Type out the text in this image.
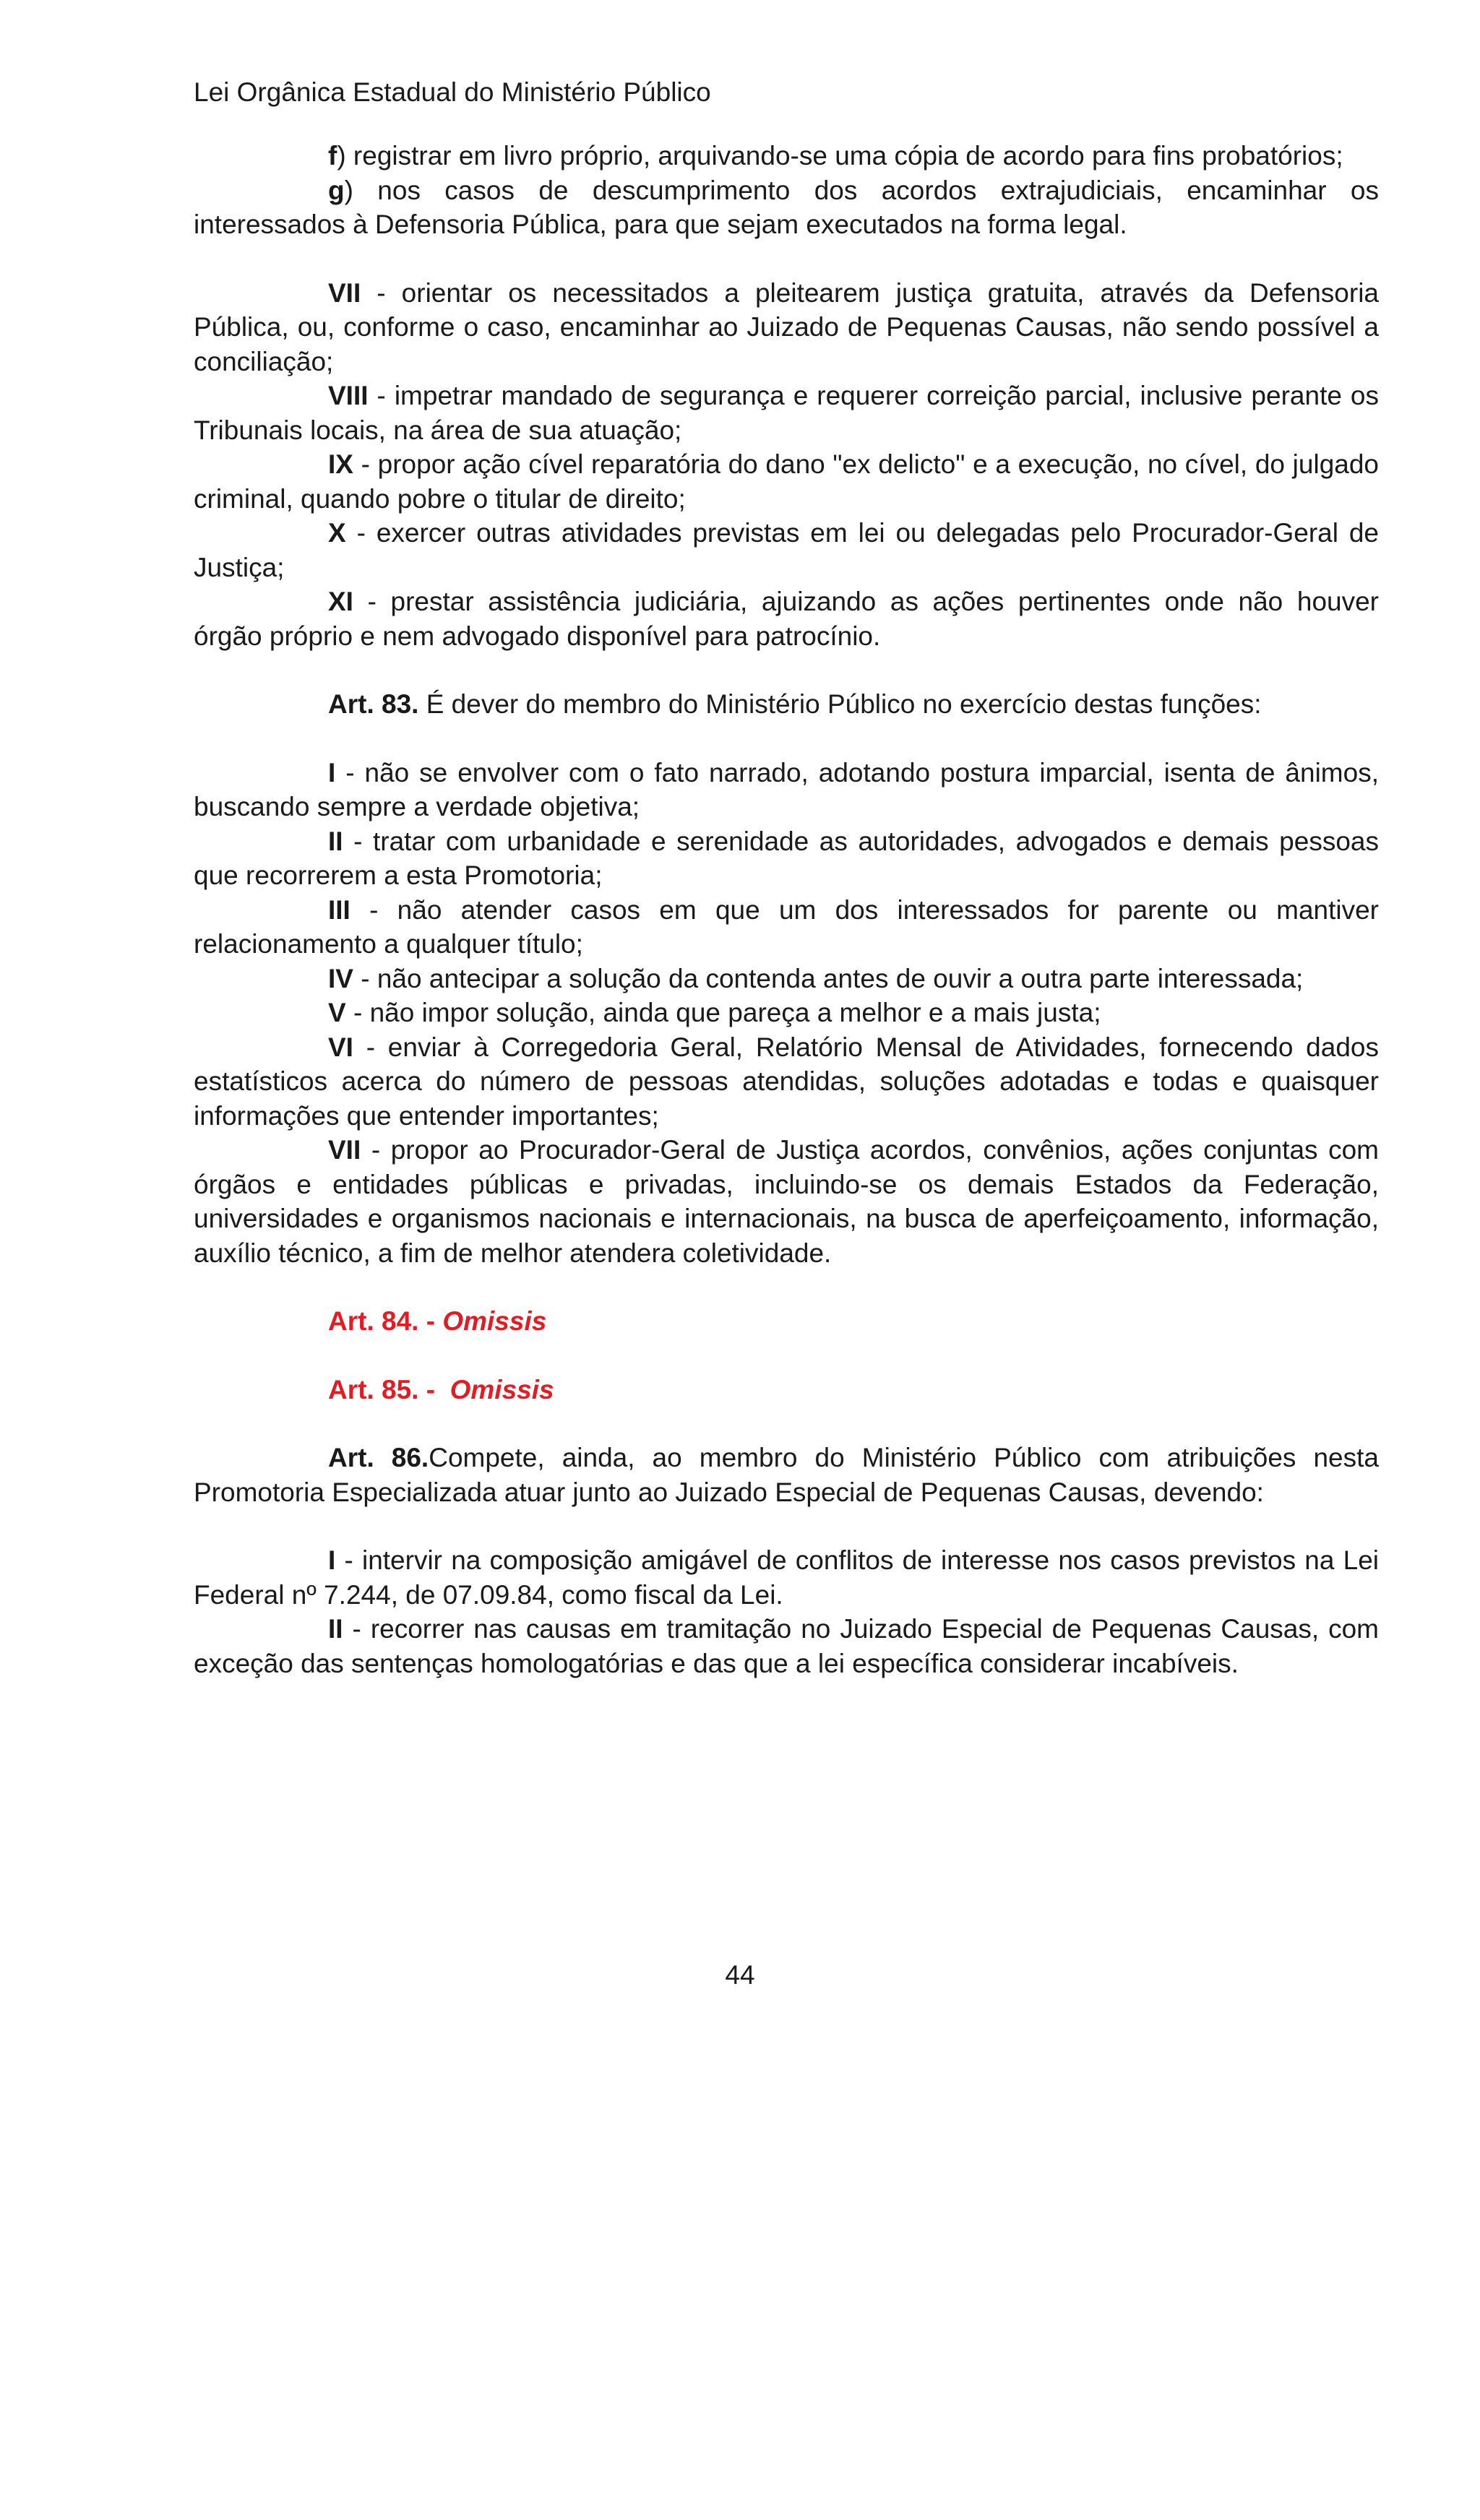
Lei Orgânica Estadual do Ministério Público

f) registrar em livro próprio, arquivando-se uma cópia de acordo para fins probatórios;

g) nos casos de descumprimento dos acordos extrajudiciais, encaminhar os interessados à Defensoria Pública, para que sejam executados na forma legal.

VII - orientar os necessitados a pleitearem justiça gratuita, através da Defensoria Pública, ou, conforme o caso, encaminhar ao Juizado de Pequenas Causas, não sendo possível a conciliação;

VIII - impetrar mandado de segurança e requerer correição parcial, inclusive perante os Tribunais locais, na área de sua atuação;

IX - propor ação cível reparatória do dano "ex delicto" e a execução, no cível, do julgado criminal, quando pobre o titular de direito;

X - exercer outras atividades previstas em lei ou delegadas pelo Procurador-Geral de Justiça;

XI - prestar assistência judiciária, ajuizando as ações pertinentes onde não houver órgão próprio e nem advogado disponível para patrocínio.

Art. 83. É dever do membro do Ministério Público no exercício destas funções:

I - não se envolver com o fato narrado, adotando postura imparcial, isenta de ânimos, buscando sempre a verdade objetiva;

II - tratar com urbanidade e serenidade as autoridades, advogados e demais pessoas que recorrerem a esta Promotoria;

III - não atender casos em que um dos interessados for parente ou mantiver relacionamento a qualquer título;

IV - não antecipar a solução da contenda antes de ouvir a outra parte interessada;

V - não impor solução, ainda que pareça a melhor e a mais justa;

VI - enviar à Corregedoria Geral, Relatório Mensal de Atividades, fornecendo dados estatísticos acerca do número de pessoas atendidas, soluções adotadas e todas e quaisquer informações que entender importantes;

VII - propor ao Procurador-Geral de Justiça acordos, convênios, ações conjuntas com órgãos e entidades públicas e privadas, incluindo-se os demais Estados da Federação, universidades e organismos nacionais e internacionais, na busca de aperfeiçoamento, informação, auxílio técnico, a fim de melhor atendera coletividade.

Art. 84. - Omissis

Art. 85. - Omissis

Art. 86.Compete, ainda, ao membro do Ministério Público com atribuições nesta Promotoria Especializada atuar junto ao Juizado Especial de Pequenas Causas, devendo:

I - intervir na composição amigável de conflitos de interesse nos casos previstos na Lei Federal nº 7.244, de 07.09.84, como fiscal da Lei.

II - recorrer nas causas em tramitação no Juizado Especial de Pequenas Causas, com exceção das sentenças homologatórias e das que a lei específica considerar incabíveis.

44
